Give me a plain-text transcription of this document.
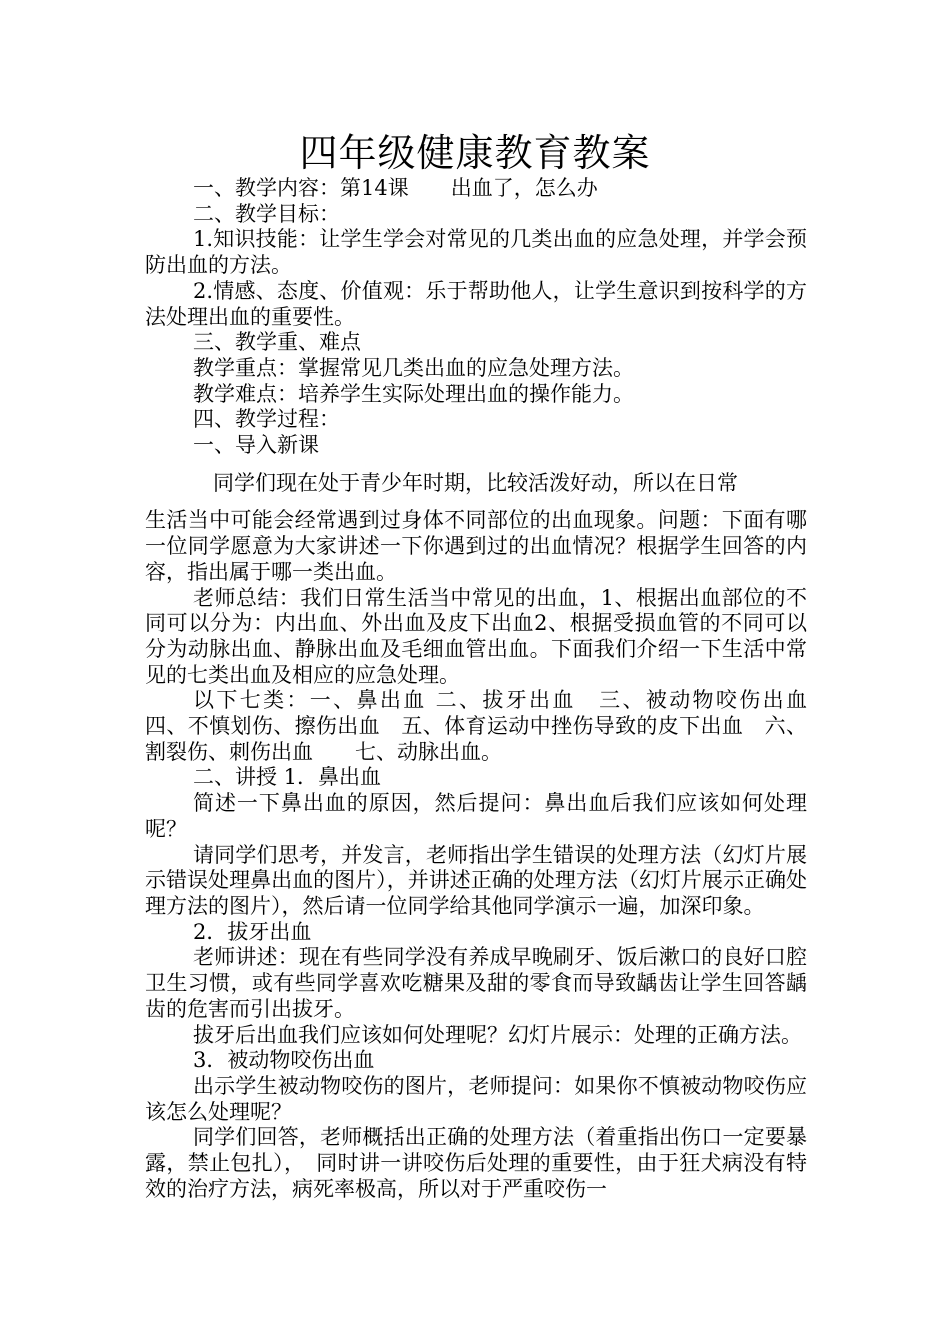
四年级健康教育教案

一、教学内容：第14课　　出血了，怎么办

二、教学目标：

1.知识技能：让学生学会对常见的几类出血的应急处理，并学会预防出血的方法。

2.情感、态度、价值观：乐于帮助他人，让学生意识到按科学的方法处理出血的重要性。

三、教学重、难点

教学重点：掌握常见几类出血的应急处理方法。

教学难点：培养学生实际处理出血的操作能力。

四、教学过程：

一、导入新课

同学们现在处于青少年时期，比较活泼好动，所以在日常

生活当中可能会经常遇到过身体不同部位的出血现象。问题：下面有哪一位同学愿意为大家讲述一下你遇到过的出血情况？根据学生回答的内容，指出属于哪一类出血。

老师总结：我们日常生活当中常见的出血，1、根据出血部位的不同可以分为：内出血、外出血及皮下出血2、根据受损血管的不同可以分为动脉出血、静脉出血及毛细血管出血。下面我们介绍一下生活中常见的七类出血及相应的应急处理。

以下七类：一、鼻出血 二、拔牙出血　三、被动物咬伤出血　四、不慎划伤、擦伤出血　五、体育运动中挫伤导致的皮下出血　六、割裂伤、刺伤出血　　七、动脉出血。

二、讲授 1．鼻出血

简述一下鼻出血的原因，然后提问：鼻出血后我们应该如何处理呢？

请同学们思考，并发言，老师指出学生错误的处理方法（幻灯片展示错误处理鼻出血的图片），并讲述正确的处理方法（幻灯片展示正确处理方法的图片），然后请一位同学给其他同学演示一遍，加深印象。

2．拔牙出血

老师讲述：现在有些同学没有养成早晚刷牙、饭后漱口的良好口腔卫生习惯，或有些同学喜欢吃糖果及甜的零食而导致龋齿让学生回答龋齿的危害而引出拔牙。

拔牙后出血我们应该如何处理呢？幻灯片展示：处理的正确方法。

3．被动物咬伤出血

出示学生被动物咬伤的图片，老师提问：如果你不慎被动物咬伤应该怎么处理呢？

同学们回答，老师概括出正确的处理方法（着重指出伤口一定要暴露，禁止包扎），　同时讲一讲咬伤后处理的重要性，由于狂犬病没有特效的治疗方法，病死率极高，所以对于严重咬伤一
